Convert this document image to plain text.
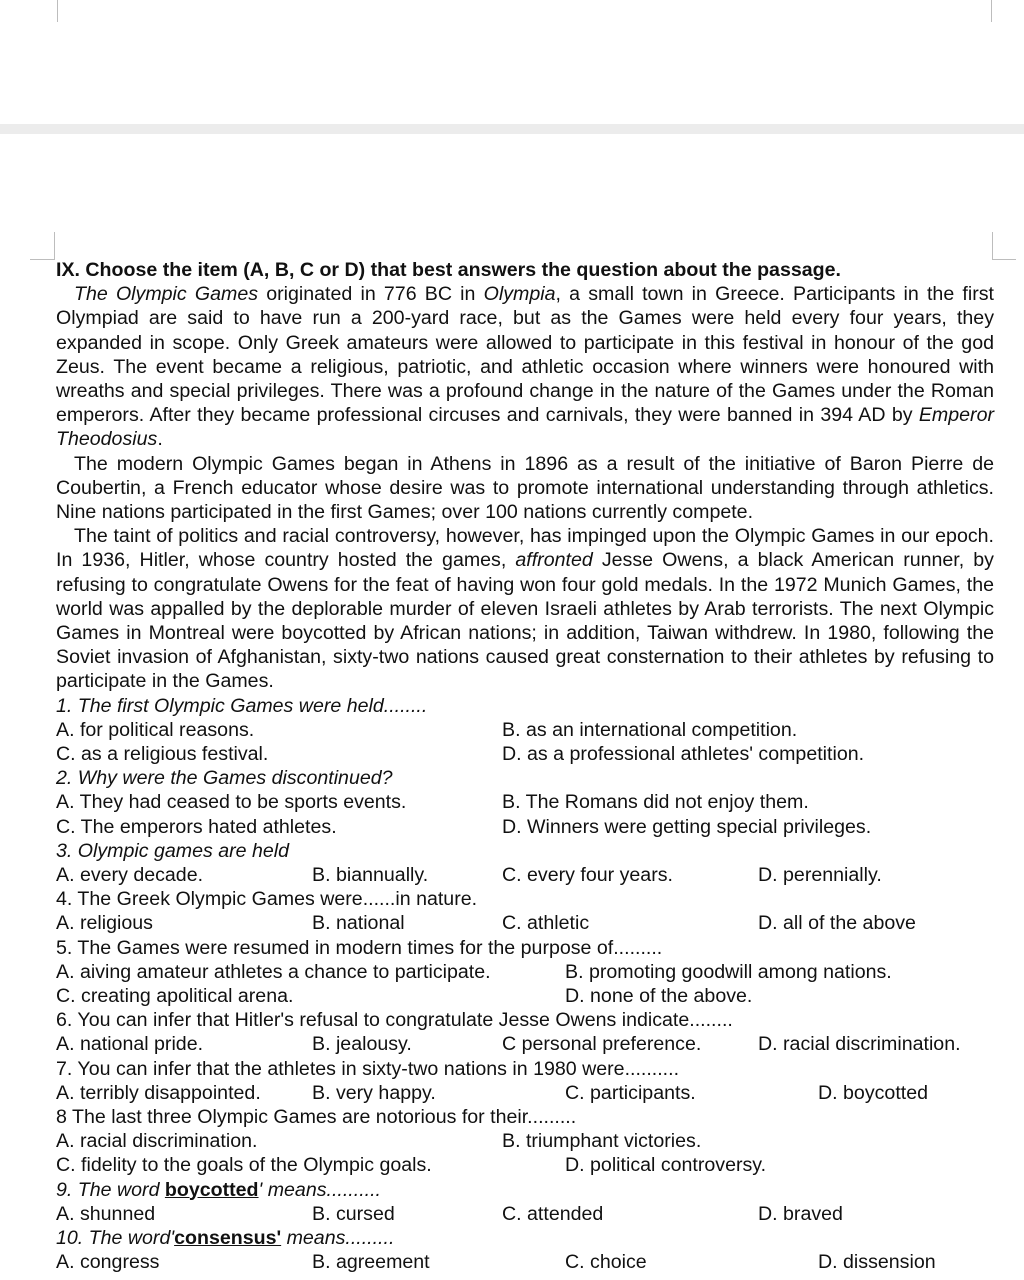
IX. Choose the item (A, B, C or D) that best answers the question about the passage.
The Olympic Games originated in 776 BC in Olympia, a small town in Greece. Participants in the first Olympiad are said to have run a 200-yard race, but as the Games were held every four years, they expanded in scope. Only Greek amateurs were allowed to participate in this festival in honour of the god Zeus. The event became a religious, patriotic, and athletic occasion where winners were honoured with wreaths and special privileges. There was a profound change in the nature of the Games under the Roman emperors. After they became professional circuses and carnivals, they were banned in 394 AD by Emperor Theodosius.
The modern Olympic Games began in Athens in 1896 as a result of the initiative of Baron Pierre de Coubertin, a French educator whose desire was to promote international understanding through athletics. Nine nations participated in the first Games; over 100 nations currently compete.
The taint of politics and racial controversy, however, has impinged upon the Olympic Games in our epoch. In 1936, Hitler, whose country hosted the games, affronted Jesse Owens, a black American runner, by refusing to congratulate Owens for the feat of having won four gold medals. In the 1972 Munich Games, the world was appalled by the deplorable murder of eleven Israeli athletes by Arab terrorists. The next Olympic Games in Montreal were boycotted by African nations; in addition, Taiwan withdrew. In 1980, following the Soviet invasion of Afghanistan, sixty-two nations caused great consternation to their athletes by refusing to participate in the Games.
1. The first Olympic Games were held........
A. for political reasons.	B. as an international competition.
C. as a religious festival.	D. as a professional athletes' competition.
2. Why were the Games discontinued?
A. They had ceased to be sports events.	B. The Romans did not enjoy them.
C. The emperors hated athletes.	D. Winners were getting special privileges.
3. Olympic games are held
A. every decade.	B. biannually.	C. every four years.	D. perennially.
4. The Greek Olympic Games were......in nature.
A. religious	B. national	C. athletic	D. all of the above
5. The Games were resumed in modern times for the purpose of.........
A. aiving amateur athletes a chance to participate.	B. promoting goodwill among nations.
C. creating apolitical arena.	D. none of the above.
6. You can infer that Hitler's refusal to congratulate Jesse Owens indicate........
A. national pride.	B. jealousy.	C personal preference.	D. racial discrimination.
7. You can infer that the athletes in sixty-two nations in 1980 were..........
A. terribly disappointed.	B. very happy.	C. participants.	D. boycotted
8 The last three Olympic Games are notorious for their.........
A. racial discrimination.	B. triumphant victories.
C. fidelity to the goals of the Olympic goals.	D. political controversy.
9. The word boycotted' means..........
A. shunned	B. cursed	C. attended	D. braved
10. The word'consensus' means.........
A. congress	B. agreement	C. choice	D. dissension
